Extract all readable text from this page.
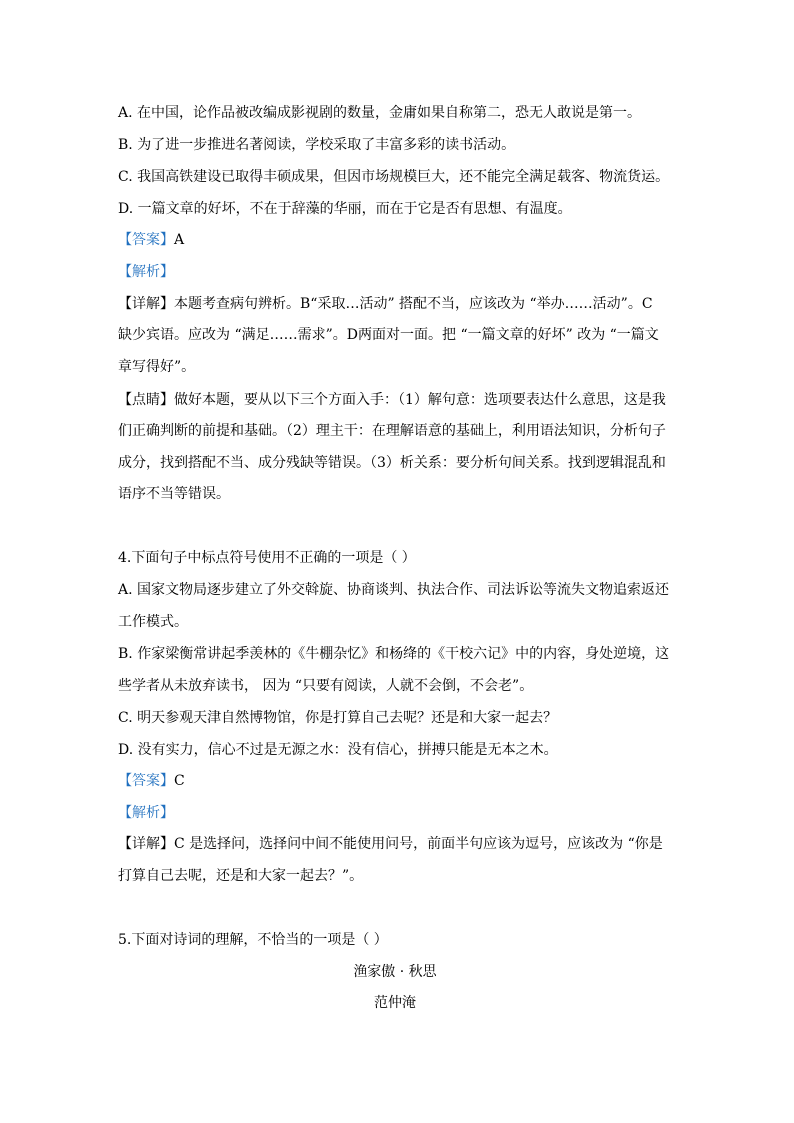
A. 在中国，论作品被改编成影视剧的数量，金庸如果自称第二，恐无人敢说是第一。
B. 为了进一步推进名著阅读，学校采取了丰富多彩的读书活动。
C. 我国高铁建设已取得丰硕成果，但因市场规模巨大，还不能完全满足载客、物流货运。
D. 一篇文章的好坏，不在于辞藻的华丽，而在于它是否有思想、有温度。
【答案】A
【解析】
【详解】本题考查病句辨析。B“采取…活动” 搭配不当，应该改为 “举办……活动”。C
缺少宾语。应改为 “满足……需求”。D两面对一面。把 “一篇文章的好坏” 改为 “一篇文
章写得好”。
【点睛】做好本题，要从以下三个方面入手：（1）解句意：选项要表达什么意思，这是我
们正确判断的前提和基础。（2）理主干：在理解语意的基础上，利用语法知识，分析句子
成分，找到搭配不当、成分残缺等错误。（3）析关系：要分析句间关系。找到逻辑混乱和
语序不当等错误。
4.下面句子中标点符号使用不正确的一项是（ ）
A. 国家文物局逐步建立了外交斡旋、协商谈判、执法合作、司法诉讼等流失文物追索返还
工作模式。
B. 作家梁衡常讲起季羡林的《牛棚杂忆》和杨绛的《干校六记》中的内容，身处逆境，这
些学者从未放弃读书， 因为 “只要有阅读，人就不会倒，不会老”。
C. 明天参观天津自然博物馆，你是打算自己去呢？还是和大家一起去？
D. 没有实力，信心不过是无源之水：没有信心，拼搏只能是无本之木。
【答案】C
【解析】
【详解】C 是选择问，选择问中间不能使用问号，前面半句应该为逗号，应该改为 “你是
打算自己去呢，还是和大家一起去？”。
5.下面对诗词的理解，不恰当的一项是（ ）
渔家傲 · 秋思
范仲淹
